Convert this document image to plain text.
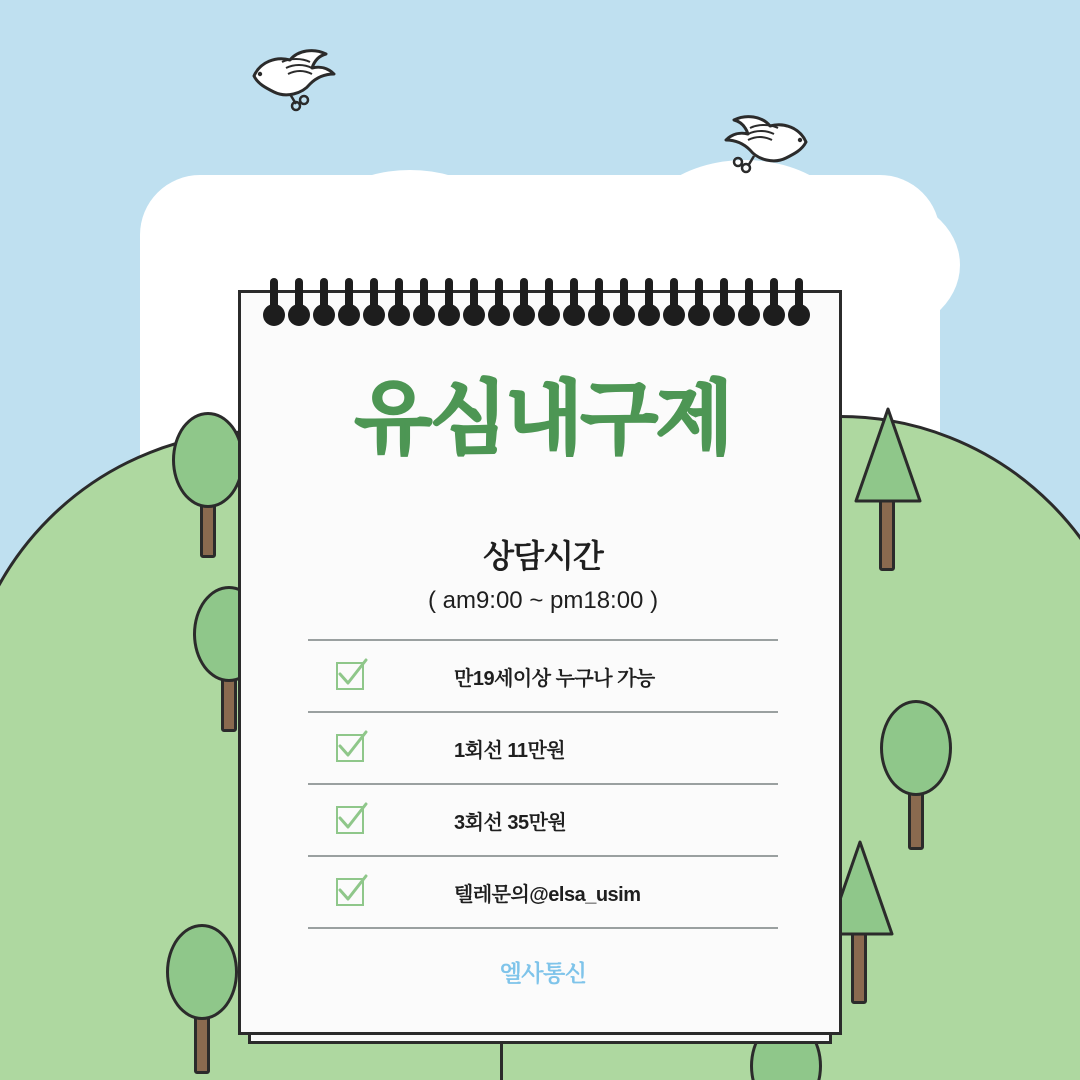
유심내구제
상담시간
( am9:00 ~ pm18:00 )
만19세이상 누구나 가능
1회선 11만원
3회선 35만원
텔레문의@elsa_usim
엘사통신
